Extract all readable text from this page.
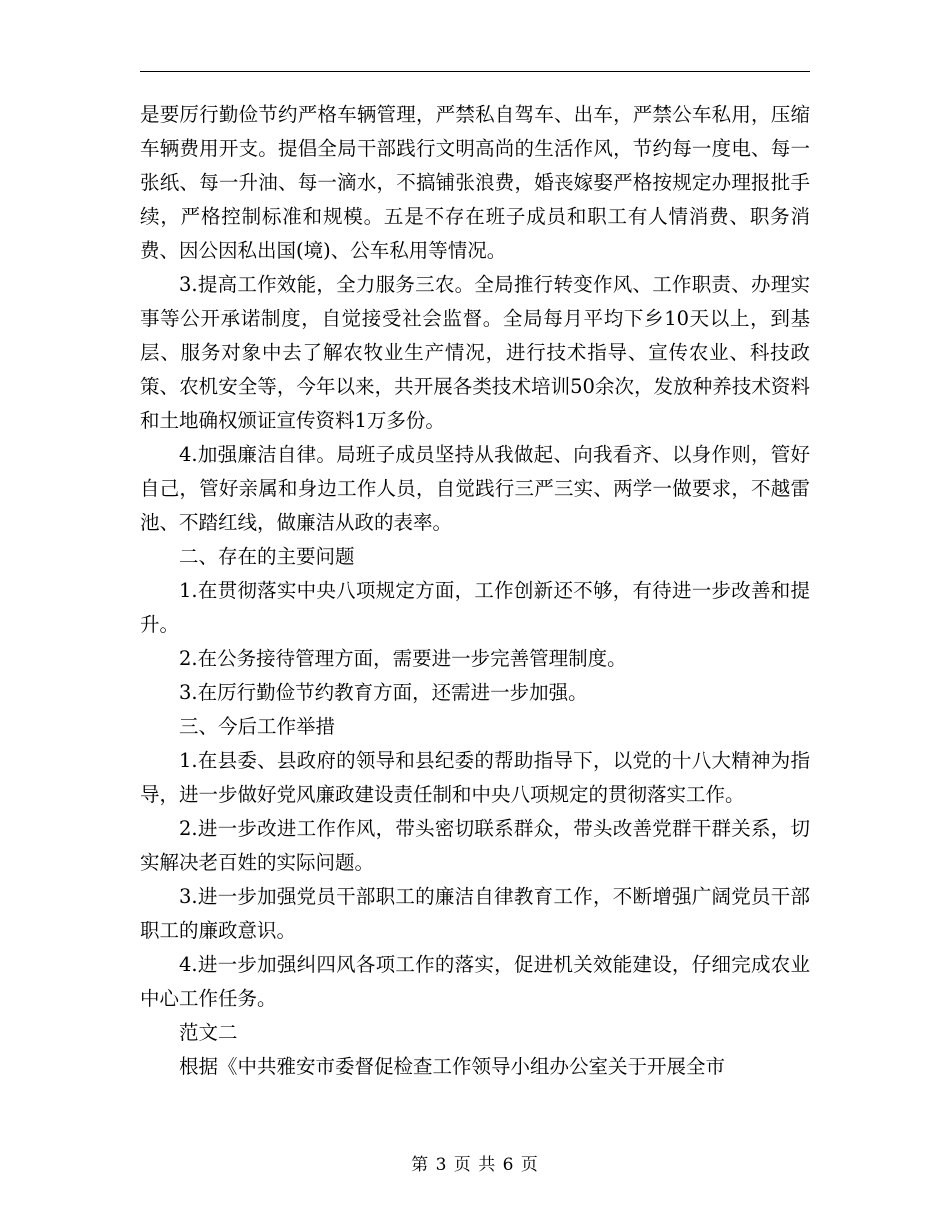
是要厉行勤俭节约严格车辆管理，严禁私自驾车、出车，严禁公车私用，压缩车辆费用开支。提倡全局干部践行文明高尚的生活作风，节约每一度电、每一张纸、每一升油、每一滴水，不搞铺张浪费，婚丧嫁娶严格按规定办理报批手续，严格控制标准和规模。五是不存在班子成员和职工有人情消费、职务消费、因公因私出国(境)、公车私用等情况。

3.提高工作效能，全力服务三农。全局推行转变作风、工作职责、办理实事等公开承诺制度，自觉接受社会监督。全局每月平均下乡10天以上，到基层、服务对象中去了解农牧业生产情况，进行技术指导、宣传农业、科技政策、农机安全等，今年以来，共开展各类技术培训50余次，发放种养技术资料和土地确权颁证宣传资料1万多份。

4.加强廉洁自律。局班子成员坚持从我做起、向我看齐、以身作则，管好自己，管好亲属和身边工作人员，自觉践行三严三实、两学一做要求，不越雷池、不踏红线，做廉洁从政的表率。

二、存在的主要问题

1.在贯彻落实中央八项规定方面，工作创新还不够，有待进一步改善和提升。

2.在公务接待管理方面，需要进一步完善管理制度。

3.在厉行勤俭节约教育方面，还需进一步加强。

三、今后工作举措

1.在县委、县政府的领导和县纪委的帮助指导下，以党的十八大精神为指导，进一步做好党风廉政建设责任制和中央八项规定的贯彻落实工作。

2.进一步改进工作作风，带头密切联系群众，带头改善党群干群关系，切实解决老百姓的实际问题。

3.进一步加强党员干部职工的廉洁自律教育工作，不断增强广阔党员干部职工的廉政意识。

4.进一步加强纠四风各项工作的落实，促进机关效能建设，仔细完成农业中心工作任务。

范文二

根据《中共雅安市委督促检查工作领导小组办公室关于开展全市

第 3 页 共 6 页
